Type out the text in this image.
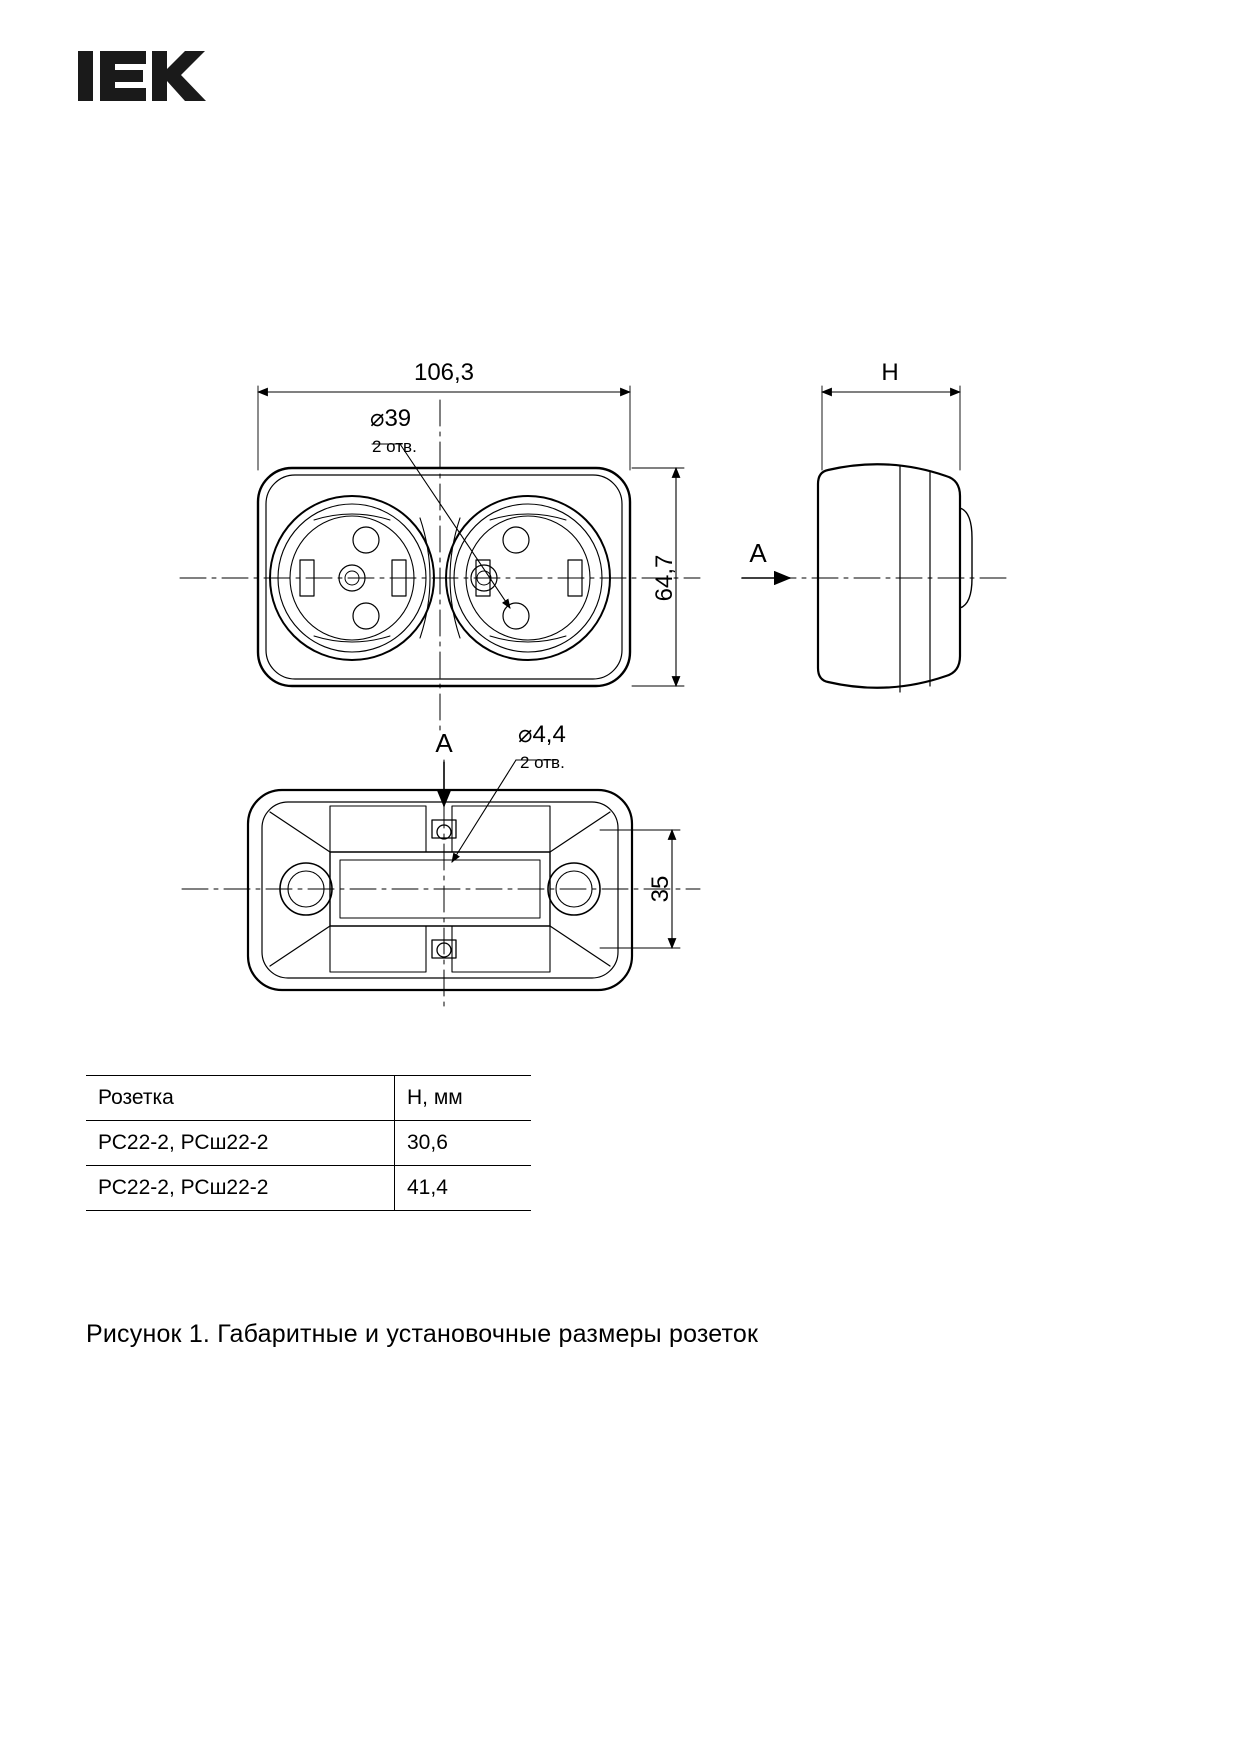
106,3
64,7
⌀39
2 отв.
H
A
A	⌀4,4
2 отв.
35
Розетка	H, мм
РС22-2, РСш22-2	30,6
РС22-2, РСш22-2	41,4
Рисунок 1. Габаритные и установочные размеры розеток
